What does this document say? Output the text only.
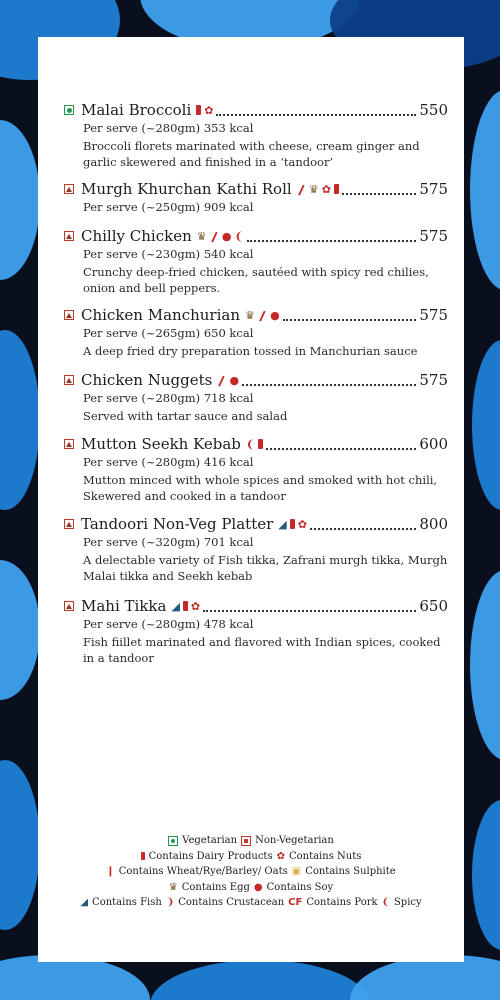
Malai Broccoli ✿	550
Per serve (~280gm) 353 kcal
Broccoli florets marinated with cheese, cream ginger and garlic skewered and finished in a ‘tandoor’
Murgh Khurchan Kathi Roll ❙ ♛ ✿	575
Per serve (~250gm) 909 kcal
Chilly Chicken ♛ ❙ ● ❨	575
Per serve (~230gm) 540 kcal
Crunchy deep-fried chicken, sautéed with spicy red chilies, onion and bell peppers.
Chicken Manchurian ♛ ❙ ●	575
Per serve (~265gm) 650 kcal
A deep fried dry preparation tossed in Manchurian sauce
Chicken Nuggets ❙ ●	575
Per serve (~280gm) 718 kcal
Served with tartar sauce and salad
Mutton Seekh Kebab ❨	600
Per serve (~280gm) 416 kcal
Mutton minced with whole spices and smoked with hot chili, Skewered and cooked in a tandoor
Tandoori Non-Veg Platter ◢ ✿	800
Per serve (~320gm) 701 kcal
A delectable variety of Fish tikka, Zafrani murgh tikka, Murgh Malai tikka and Seekh kebab
Mahi Tikka ◢ ✿	650
Per serve (~280gm) 478 kcal
Fish fiillet marinated and flavored with Indian spices, cooked in a tandoor
Vegetarian Non-Vegetarian
Contains Dairy Products ✿ Contains Nuts
❙ Contains Wheat/Rye/Barley/ Oats ▣ Contains Sulphite
♛ Contains Egg ● Contains Soy
◢ Contains Fish ❩ Contains Crustacean CF Contains Pork ❨ Spicy
